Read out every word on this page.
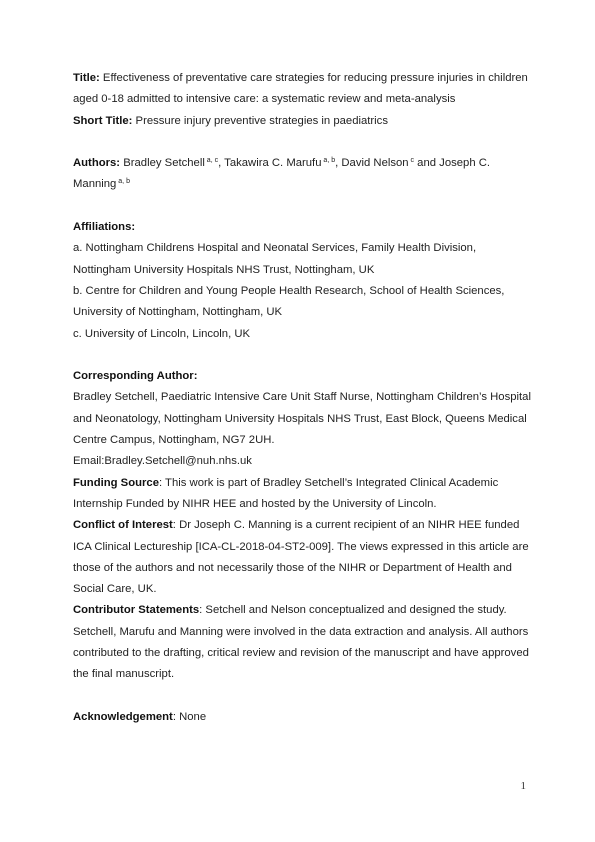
Title: Effectiveness of preventative care strategies for reducing pressure injuries in children aged 0-18 admitted to intensive care: a systematic review and meta-analysis

Short Title: Pressure injury preventive strategies in paediatrics

Authors: Bradley Setchell $^{a, c}$, Takawira C. Marufu $^{a, b}$, David Nelson $^c$ and Joseph C. Manning $^{a, b}$

Affiliations:

a. Nottingham Childrens Hospital and Neonatal Services, Family Health Division, Nottingham University Hospitals NHS Trust, Nottingham, UK

b. Centre for Children and Young People Health Research, School of Health Sciences, University of Nottingham, Nottingham, UK

c. University of Lincoln, Lincoln, UK

Corresponding Author:

Bradley Setchell, Paediatric Intensive Care Unit Staff Nurse, Nottingham Children’s Hospital and Neonatology, Nottingham University Hospitals NHS Trust, East Block, Queens Medical Centre Campus, Nottingham, NG7 2UH.

Email:Bradley.Setchell@nuh.nhs.uk

Funding Source: This work is part of Bradley Setchell’s Integrated Clinical Academic Internship Funded by NIHR HEE and hosted by the University of Lincoln.

Conflict of Interest: Dr Joseph C. Manning is a current recipient of an NIHR HEE funded ICA Clinical Lectureship [ICA-CL-2018-04-ST2-009]. The views expressed in this article are those of the authors and not necessarily those of the NIHR or Department of Health and Social Care, UK.

Contributor Statements: Setchell and Nelson conceptualized and designed the study. Setchell, Marufu and Manning were involved in the data extraction and analysis. All authors contributed to the drafting, critical review and revision of the manuscript and have approved the final manuscript.

Acknowledgement: None

1
